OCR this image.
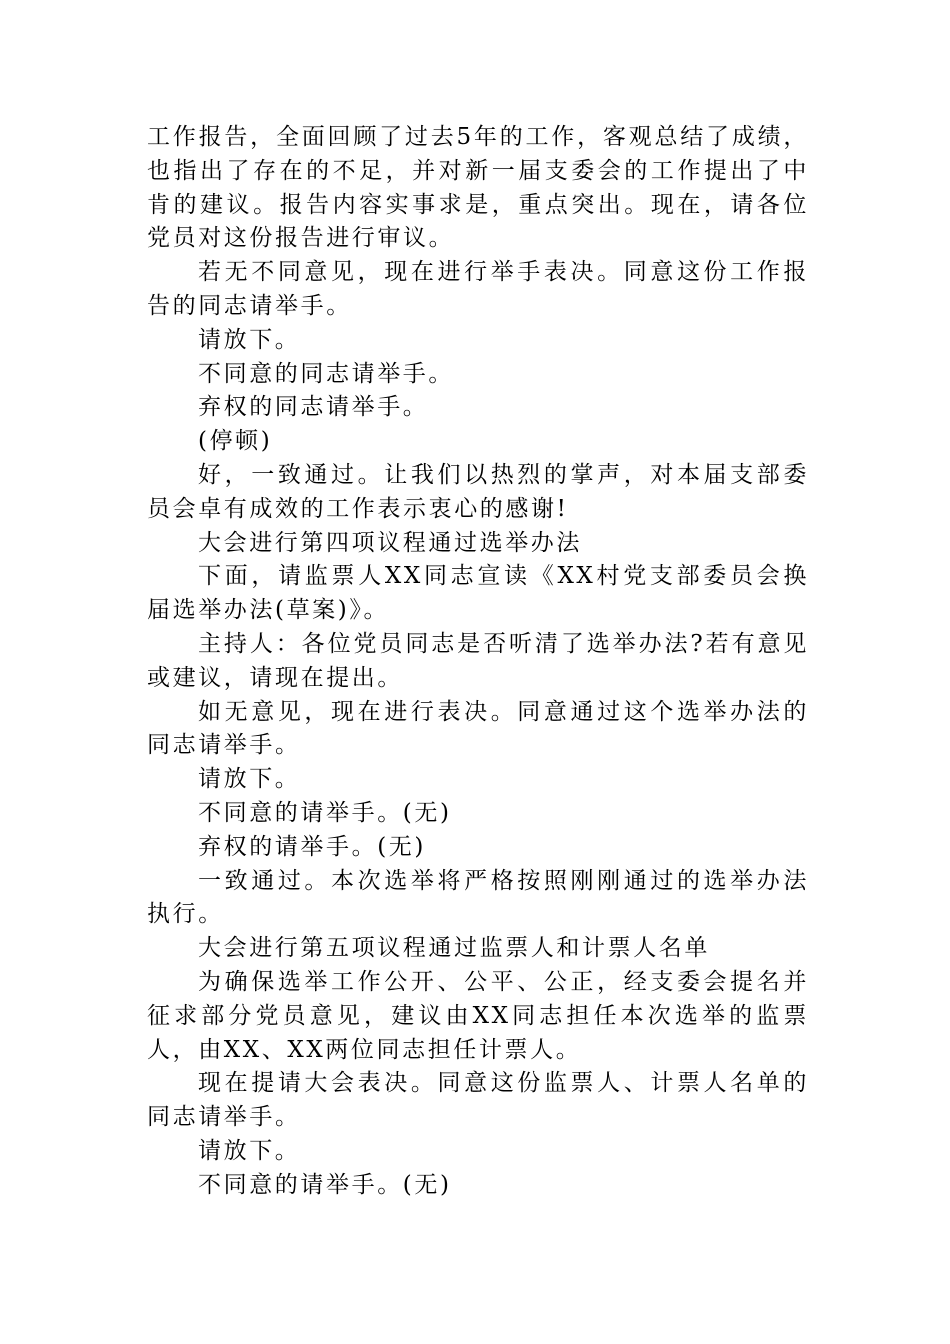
工作报告，全面回顾了过去5年的工作，客观总结了成绩，也指出了存在的不足，并对新一届支委会的工作提出了中肯的建议。报告内容实事求是，重点突出。现在，请各位党员对这份报告进行审议。

若无不同意见，现在进行举手表决。同意这份工作报告的同志请举手。

请放下。

不同意的同志请举手。

弃权的同志请举手。

(停顿)

好，一致通过。让我们以热烈的掌声，对本届支部委员会卓有成效的工作表示衷心的感谢!

大会进行第四项议程通过选举办法

下面，请监票人XX同志宣读《XX村党支部委员会换届选举办法(草案)》。

主持人：各位党员同志是否听清了选举办法?若有意见或建议，请现在提出。

如无意见，现在进行表决。同意通过这个选举办法的同志请举手。

请放下。

不同意的请举手。(无)

弃权的请举手。(无)

一致通过。本次选举将严格按照刚刚通过的选举办法执行。

大会进行第五项议程通过监票人和计票人名单

为确保选举工作公开、公平、公正，经支委会提名并征求部分党员意见，建议由XX同志担任本次选举的监票人，由XX、XX两位同志担任计票人。

现在提请大会表决。同意这份监票人、计票人名单的同志请举手。

请放下。

不同意的请举手。(无)
